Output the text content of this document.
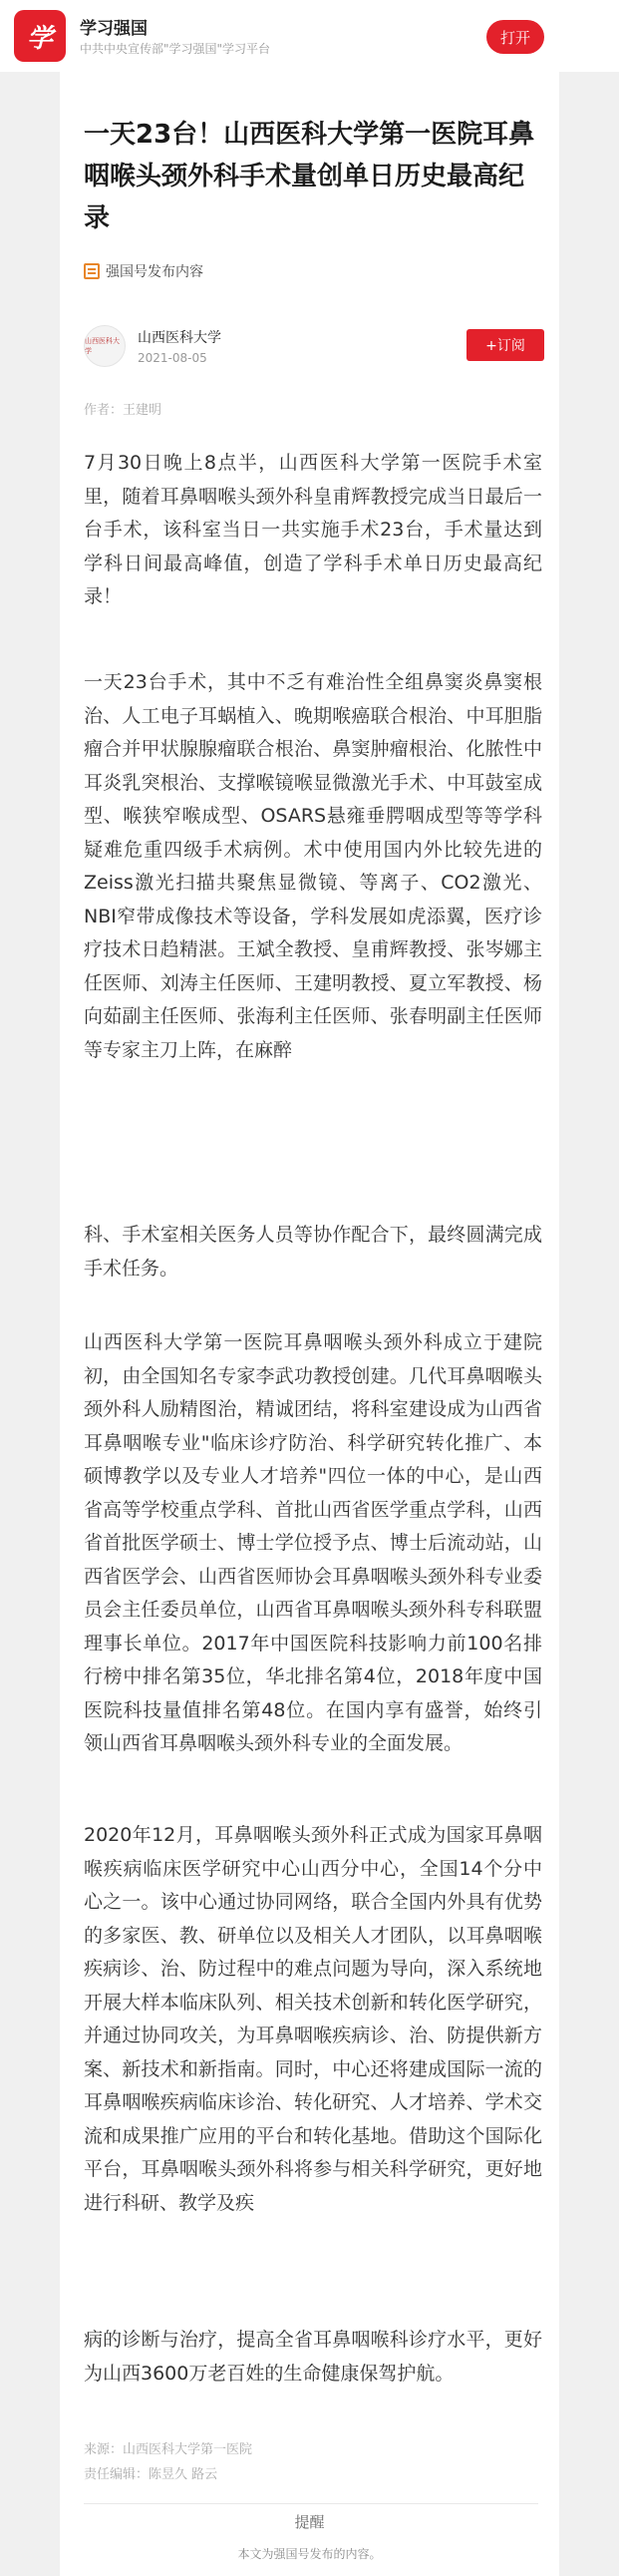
学	学习强国
中共中央宣传部"学习强国"学习平台
打开
一天23台！山西医科大学第一医院耳鼻咽喉头颈外科手术量创单日历史最高纪录
强国号发布内容
山西医科大学
山西医科大学
2021-08-05
+订阅
作者：王建明

7月30日晚上8点半，山西医科大学第一医院手术室里，随着耳鼻咽喉头颈外科皇甫辉教授完成当日最后一台手术，该科室当日一共实施手术23台，手术量达到学科日间最高峰值，创造了学科手术单日历史最高纪录！

一天23台手术，其中不乏有难治性全组鼻窦炎鼻窦根治、人工电子耳蜗植入、晚期喉癌联合根治、中耳胆脂瘤合并甲状腺腺瘤联合根治、鼻窦肿瘤根治、化脓性中耳炎乳突根治、支撑喉镜喉显微激光手术、中耳鼓室成型、喉狭窄喉成型、OSARS悬雍垂腭咽成型等等学科疑难危重四级手术病例。术中使用国内外比较先进的Zeiss激光扫描共聚焦显微镜、等离子、CO2激光、NBI窄带成像技术等设备，学科发展如虎添翼，医疗诊疗技术日趋精湛。王斌全教授、皇甫辉教授、张岑娜主任医师、刘涛主任医师、王建明教授、夏立军教授、杨向茹副主任医师、张海利主任医师、张春明副主任医师等专家主刀上阵，在麻醉

科、手术室相关医务人员等协作配合下，最终圆满完成手术任务。

山西医科大学第一医院耳鼻咽喉头颈外科成立于建院初，由全国知名专家李武功教授创建。几代耳鼻咽喉头颈外科人励精图治，精诚团结，将科室建设成为山西省耳鼻咽喉专业"临床诊疗防治、科学研究转化推广、本硕博教学以及专业人才培养"四位一体的中心，是山西省高等学校重点学科、首批山西省医学重点学科，山西省首批医学硕士、博士学位授予点、博士后流动站，山西省医学会、山西省医师协会耳鼻咽喉头颈外科专业委员会主任委员单位，山西省耳鼻咽喉头颈外科专科联盟理事长单位。2017年中国医院科技影响力前100名排行榜中排名第35位，华北排名第4位，2018年度中国医院科技量值排名第48位。在国内享有盛誉，始终引领山西省耳鼻咽喉头颈外科专业的全面发展。

2020年12月，耳鼻咽喉头颈外科正式成为国家耳鼻咽喉疾病临床医学研究中心山西分中心，全国14个分中心之一。该中心通过协同网络，联合全国内外具有优势的多家医、教、研单位以及相关人才团队，以耳鼻咽喉疾病诊、治、防过程中的难点问题为导向，深入系统地开展大样本临床队列、相关技术创新和转化医学研究，并通过协同攻关，为耳鼻咽喉疾病诊、治、防提供新方案、新技术和新指南。同时，中心还将建成国际一流的耳鼻咽喉疾病临床诊治、转化研究、人才培养、学术交流和成果推广应用的平台和转化基地。借助这个国际化平台，耳鼻咽喉头颈外科将参与相关科学研究，更好地进行科研、教学及疾

病的诊断与治疗，提高全省耳鼻咽喉科诊疗水平，更好为山西3600万老百姓的生命健康保驾护航。

来源：山西医科大学第一医院
责任编辑：陈昱久 路云
提醒
本文为强国号发布的内容。
